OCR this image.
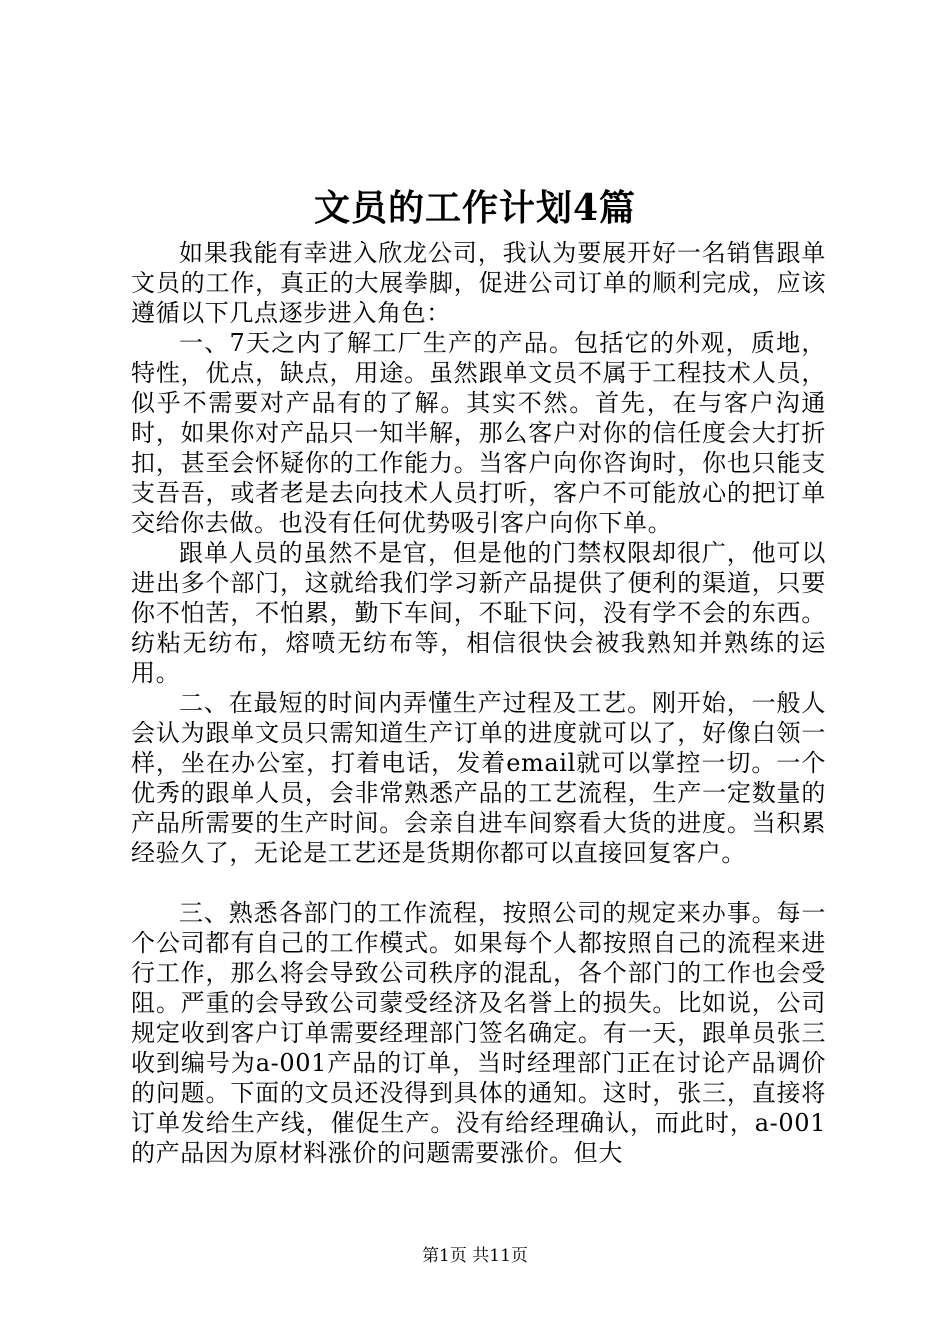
文员的工作计划4篇

如果我能有幸进入欣龙公司，我认为要展开好一名销售跟单文员的工作，真正的大展拳脚，促进公司订单的顺利完成，应该遵循以下几点逐步进入角色：

一、7天之内了解工厂生产的产品。包括它的外观，质地，特性，优点，缺点，用途。虽然跟单文员不属于工程技术人员，似乎不需要对产品有的了解。其实不然。首先，在与客户沟通时，如果你对产品只一知半解，那么客户对你的信任度会大打折扣，甚至会怀疑你的工作能力。当客户向你咨询时，你也只能支支吾吾，或者老是去向技术人员打听，客户不可能放心的把订单交给你去做。也没有任何优势吸引客户向你下单。

跟单人员的虽然不是官，但是他的门禁权限却很广，他可以进出多个部门，这就给我们学习新产品提供了便利的渠道，只要你不怕苦，不怕累，勤下车间，不耻下问，没有学不会的东西。纺粘无纺布，熔喷无纺布等，相信很快会被我熟知并熟练的运用。

二、在最短的时间内弄懂生产过程及工艺。刚开始，一般人会认为跟单文员只需知道生产订单的进度就可以了，好像白领一样，坐在办公室，打着电话，发着email就可以掌控一切。一个优秀的跟单人员，会非常熟悉产品的工艺流程，生产一定数量的产品所需要的生产时间。会亲自进车间察看大货的进度。当积累经验久了，无论是工艺还是货期你都可以直接回复客户。

三、熟悉各部门的工作流程，按照公司的规定来办事。每一个公司都有自己的工作模式。如果每个人都按照自己的流程来进行工作，那么将会导致公司秩序的混乱，各个部门的工作也会受阻。严重的会导致公司蒙受经济及名誉上的损失。比如说，公司规定收到客户订单需要经理部门签名确定。有一天，跟单员张三收到编号为a-001产品的订单，当时经理部门正在讨论产品调价的问题。下面的文员还没得到具体的通知。这时，张三，直接将订单发给生产线，催促生产。没有给经理确认，而此时，a-001的产品因为原材料涨价的问题需要涨价。但大

第1页 共11页
